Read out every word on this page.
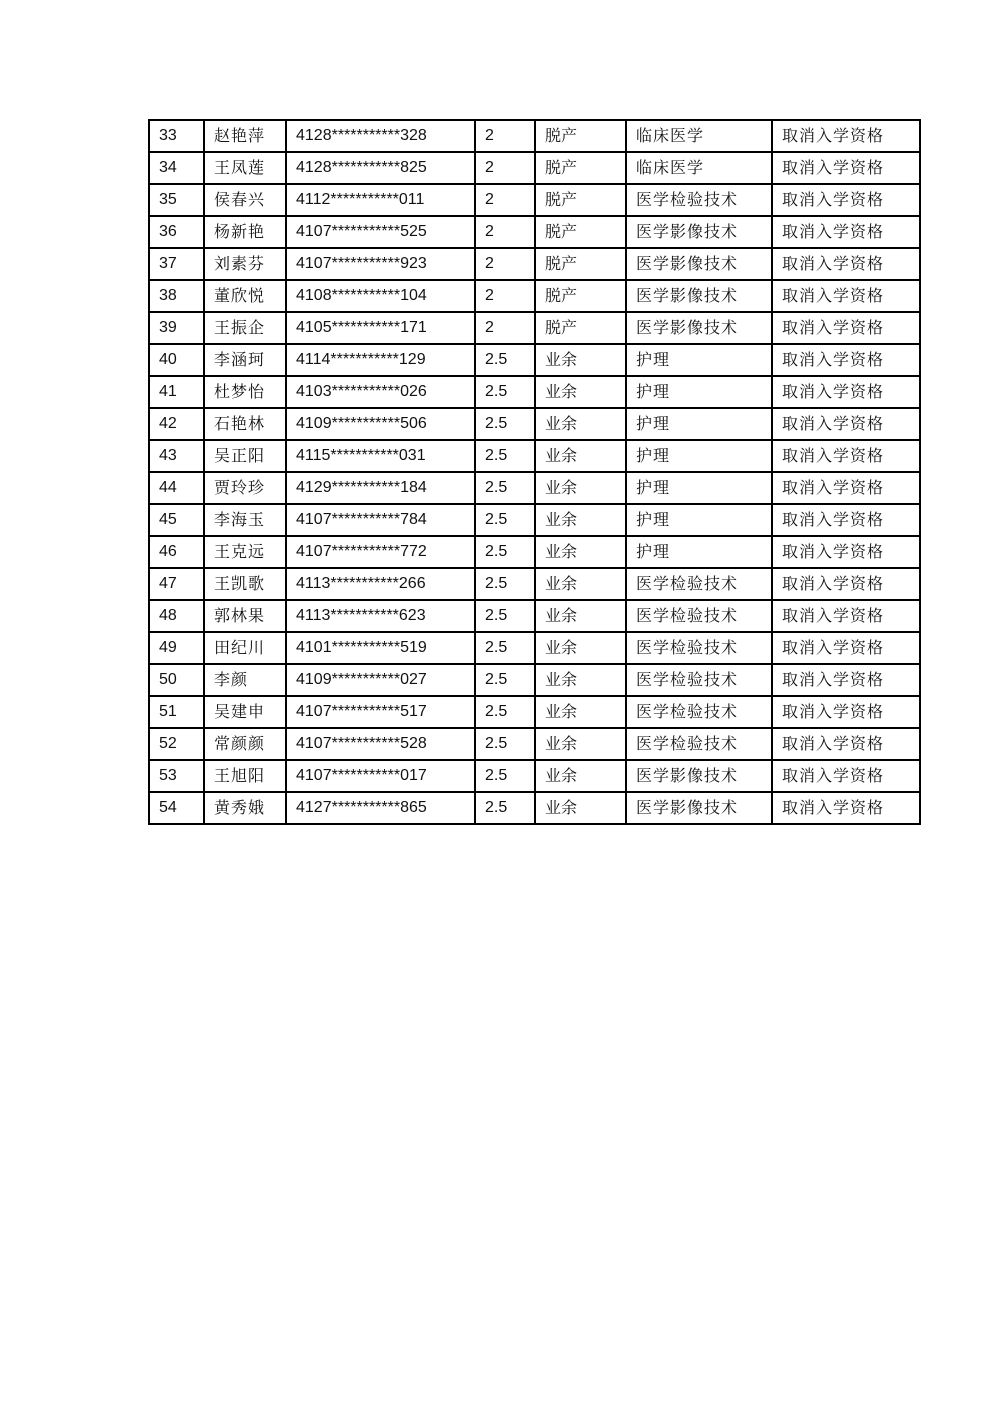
33	赵艳萍	4128***********328	2	脱产	临床医学	取消入学资格
34	王凤莲	4128***********825	2	脱产	临床医学	取消入学资格
35	侯春兴	4112***********011	2	脱产	医学检验技术	取消入学资格
36	杨新艳	4107***********525	2	脱产	医学影像技术	取消入学资格
37	刘素芬	4107***********923	2	脱产	医学影像技术	取消入学资格
38	董欣悦	4108***********104	2	脱产	医学影像技术	取消入学资格
39	王振企	4105***********171	2	脱产	医学影像技术	取消入学资格
40	李涵珂	4114***********129	2.5	业余	护理	取消入学资格
41	杜梦怡	4103***********026	2.5	业余	护理	取消入学资格
42	石艳林	4109***********506	2.5	业余	护理	取消入学资格
43	吴正阳	4115***********031	2.5	业余	护理	取消入学资格
44	贾玲珍	4129***********184	2.5	业余	护理	取消入学资格
45	李海玉	4107***********784	2.5	业余	护理	取消入学资格
46	王克远	4107***********772	2.5	业余	护理	取消入学资格
47	王凯歌	4113***********266	2.5	业余	医学检验技术	取消入学资格
48	郭林果	4113***********623	2.5	业余	医学检验技术	取消入学资格
49	田纪川	4101***********519	2.5	业余	医学检验技术	取消入学资格
50	李颜	4109***********027	2.5	业余	医学检验技术	取消入学资格
51	吴建申	4107***********517	2.5	业余	医学检验技术	取消入学资格
52	常颜颜	4107***********528	2.5	业余	医学检验技术	取消入学资格
53	王旭阳	4107***********017	2.5	业余	医学影像技术	取消入学资格
54	黄秀娥	4127***********865	2.5	业余	医学影像技术	取消入学资格
